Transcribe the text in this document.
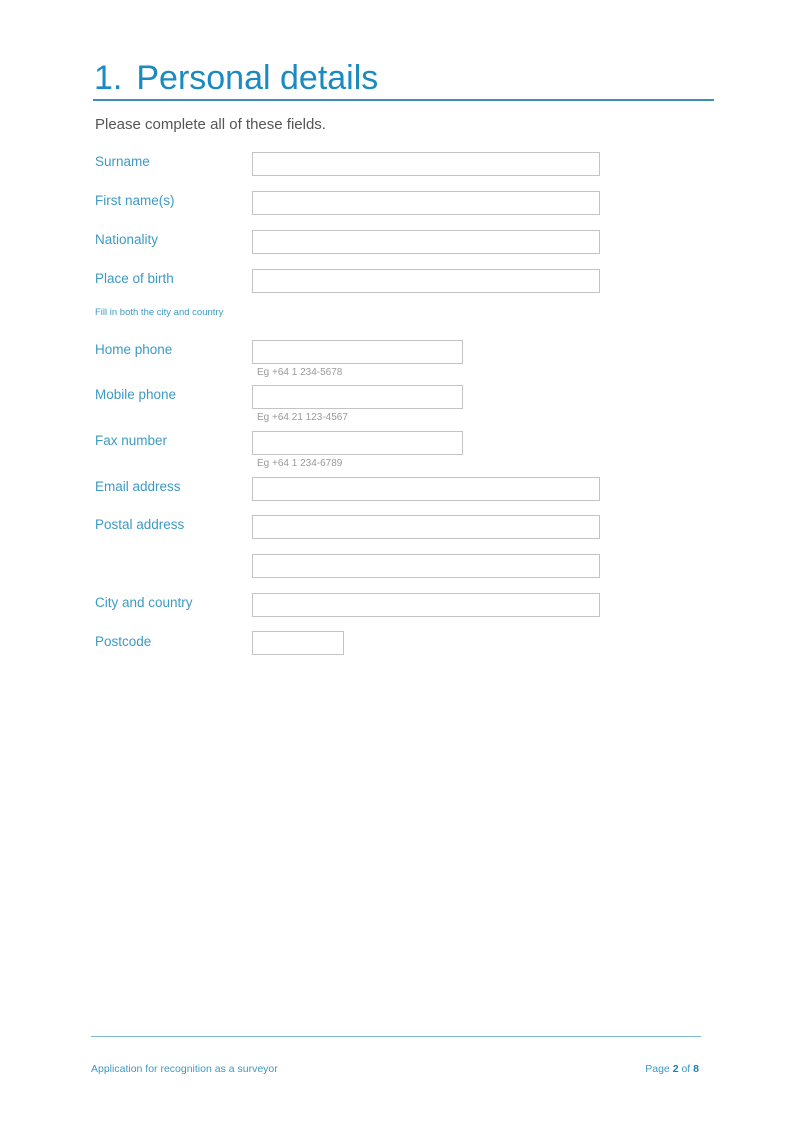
1. Personal details
Please complete all of these fields.
Surname
First name(s)
Nationality
Place of birth
Fill in both the city and country
Home phone
Eg +64 1 234-5678
Mobile phone
Eg +64 21 123-4567
Fax number
Eg +64 1 234-6789
Email address
Postal address
City and country
Postcode
Application for recognition as a surveyor	Page 2 of 8
